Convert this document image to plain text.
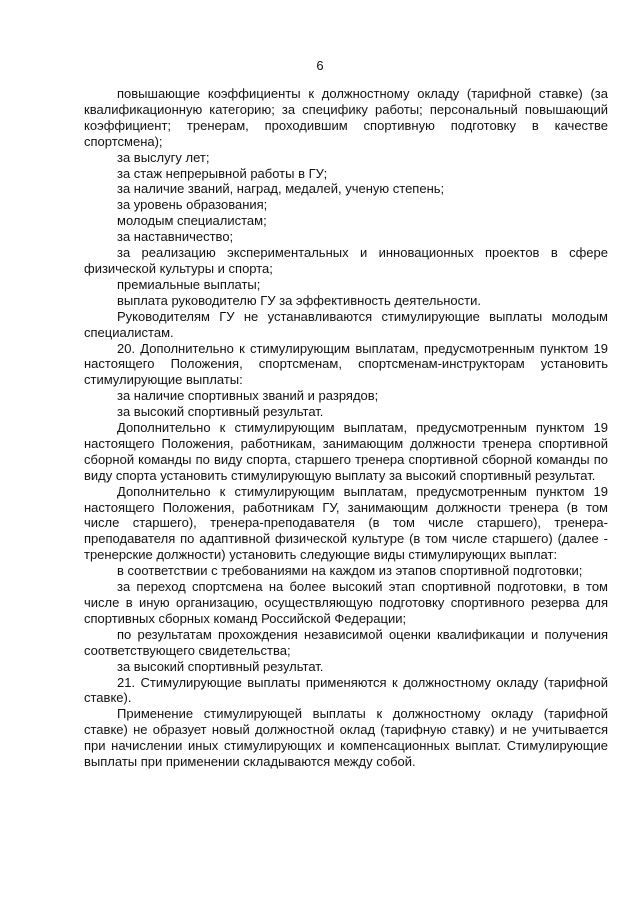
6

повышающие коэффициенты к должностному окладу (тарифной ставке) (за квалификационную категорию; за специфику работы; персональный повышающий коэффициент; тренерам, проходившим спортивную подготовку в качестве спортсмена);

за выслугу лет;

за стаж непрерывной работы в ГУ;

за наличие званий, наград, медалей, ученую степень;

за уровень образования;

молодым специалистам;

за наставничество;

за реализацию экспериментальных и инновационных проектов в сфере физической культуры и спорта;

премиальные выплаты;

выплата руководителю ГУ за эффективность деятельности.

Руководителям ГУ не устанавливаются стимулирующие выплаты молодым специалистам.

20. Дополнительно к стимулирующим выплатам, предусмотренным пунктом 19 настоящего Положения, спортсменам, спортсменам-инструкторам установить стимулирующие выплаты:

за наличие спортивных званий и разрядов;

за высокий спортивный результат.

Дополнительно к стимулирующим выплатам, предусмотренным пунктом 19 настоящего Положения, работникам, занимающим должности тренера спортивной сборной команды по виду спорта, старшего тренера спортивной сборной команды по виду спорта установить стимулирующую выплату за высокий спортивный результат.

Дополнительно к стимулирующим выплатам, предусмотренным пунктом 19 настоящего Положения, работникам ГУ, занимающим должности тренера (в том числе старшего), тренера-преподавателя (в том числе старшего), тренера-преподавателя по адаптивной физической культуре (в том числе старшего) (далее - тренерские должности) установить следующие виды стимулирующих выплат:

в соответствии с требованиями на каждом из этапов спортивной подготовки;

за переход спортсмена на более высокий этап спортивной подготовки, в том числе в иную организацию, осуществляющую подготовку спортивного резерва для спортивных сборных команд Российской Федерации;

по результатам прохождения независимой оценки квалификации и получения соответствующего свидетельства;

за высокий спортивный результат.

21. Стимулирующие выплаты применяются к должностному окладу (тарифной ставке).

Применение стимулирующей выплаты к должностному окладу (тарифной ставке) не образует новый должностной оклад (тарифную ставку) и не учитывается при начислении иных стимулирующих и компенсационных выплат. Стимулирующие выплаты при применении складываются между собой.
